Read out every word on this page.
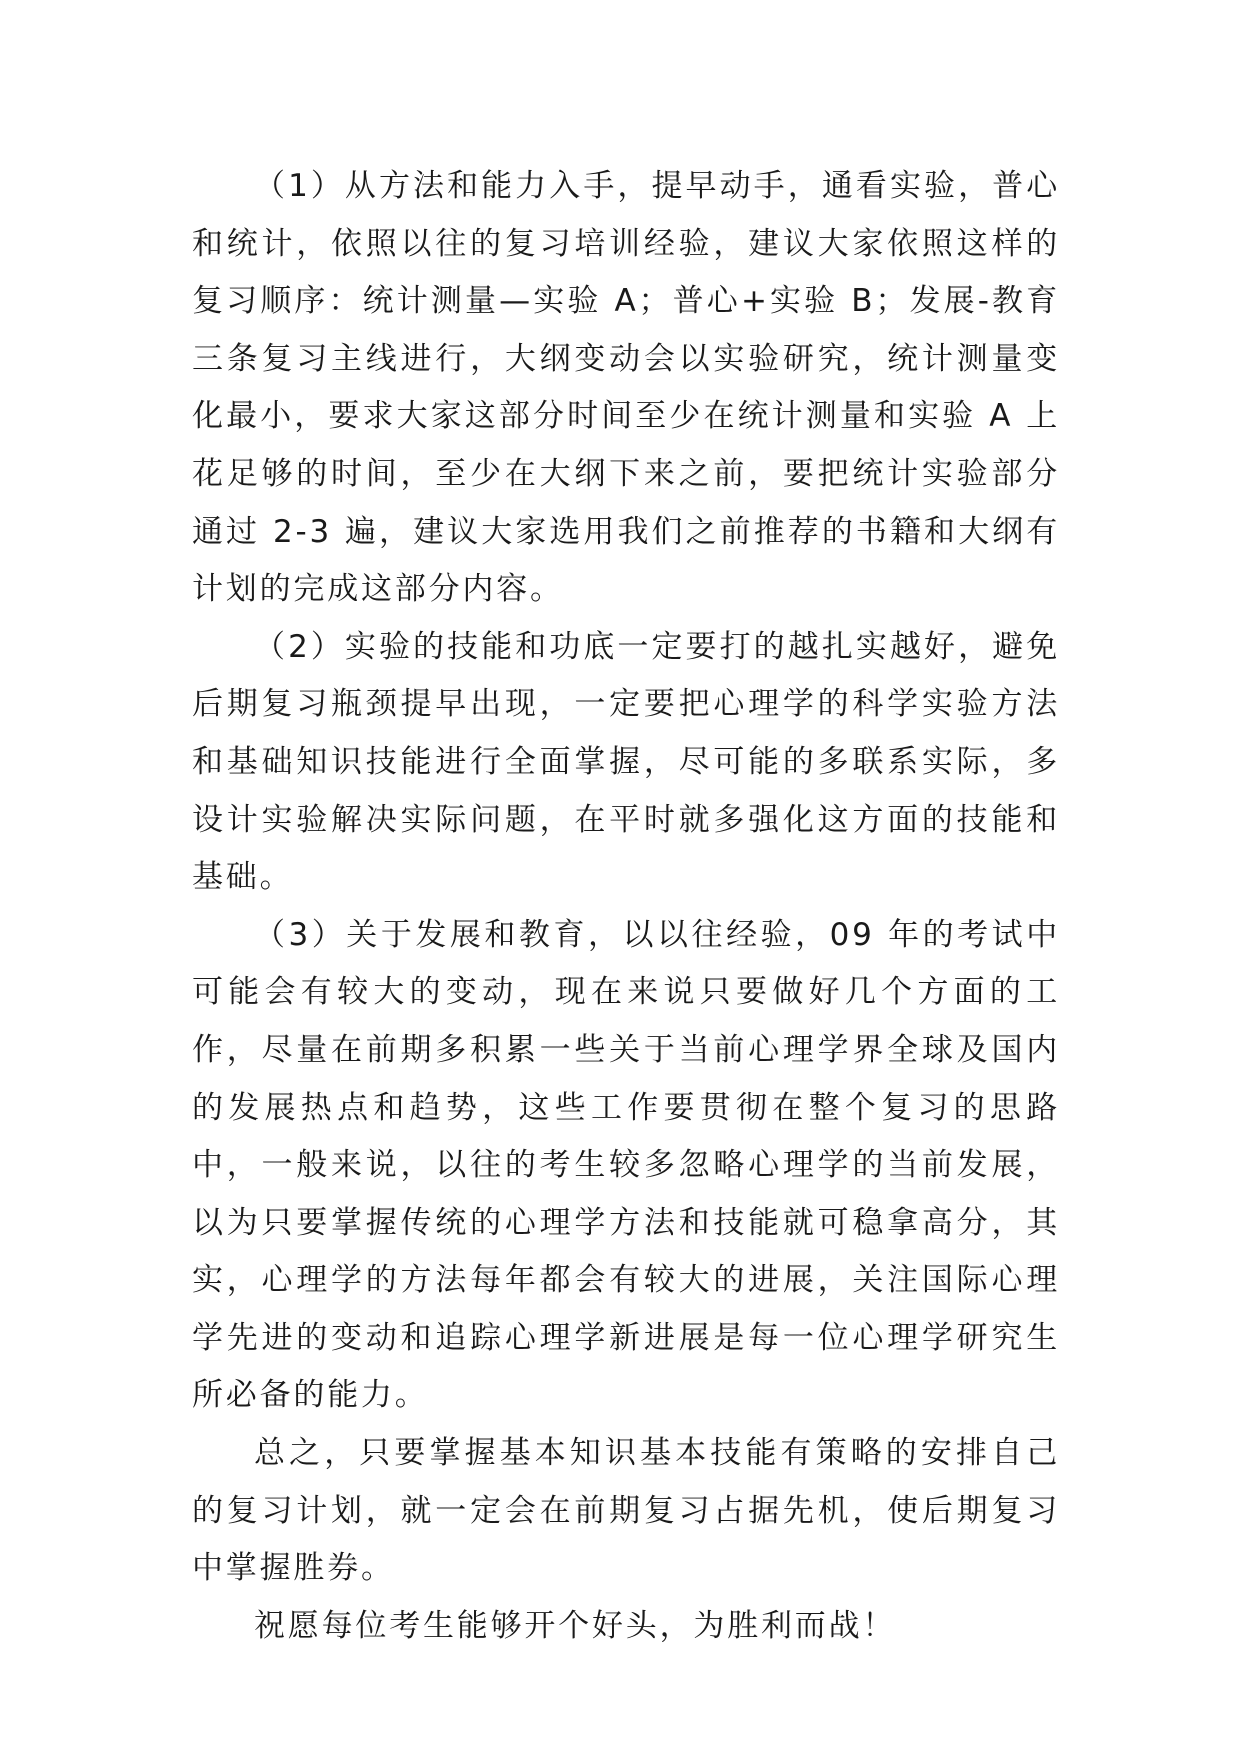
（1）从方法和能力入手，提早动手，通看实验，普心和统计，依照以往的复习培训经验，建议大家依照这样的复习顺序：统计测量—实验 A；普心+实验 B；发展-教育三条复习主线进行，大纲变动会以实验研究，统计测量变化最小，要求大家这部分时间至少在统计测量和实验 A 上花足够的时间，至少在大纲下来之前，要把统计实验部分通过 2-3 遍，建议大家选用我们之前推荐的书籍和大纲有计划的完成这部分内容。

（2）实验的技能和功底一定要打的越扎实越好，避免后期复习瓶颈提早出现，一定要把心理学的科学实验方法和基础知识技能进行全面掌握，尽可能的多联系实际，多设计实验解决实际问题，在平时就多强化这方面的技能和基础。

（3）关于发展和教育，以以往经验，09 年的考试中可能会有较大的变动，现在来说只要做好几个方面的工作，尽量在前期多积累一些关于当前心理学界全球及国内的发展热点和趋势，这些工作要贯彻在整个复习的思路中，一般来说，以往的考生较多忽略心理学的当前发展，以为只要掌握传统的心理学方法和技能就可稳拿高分，其实，心理学的方法每年都会有较大的进展，关注国际心理学先进的变动和追踪心理学新进展是每一位心理学研究生所必备的能力。

总之，只要掌握基本知识基本技能有策略的安排自己的复习计划，就一定会在前期复习占据先机，使后期复习中掌握胜券。

祝愿每位考生能够开个好头，为胜利而战！
